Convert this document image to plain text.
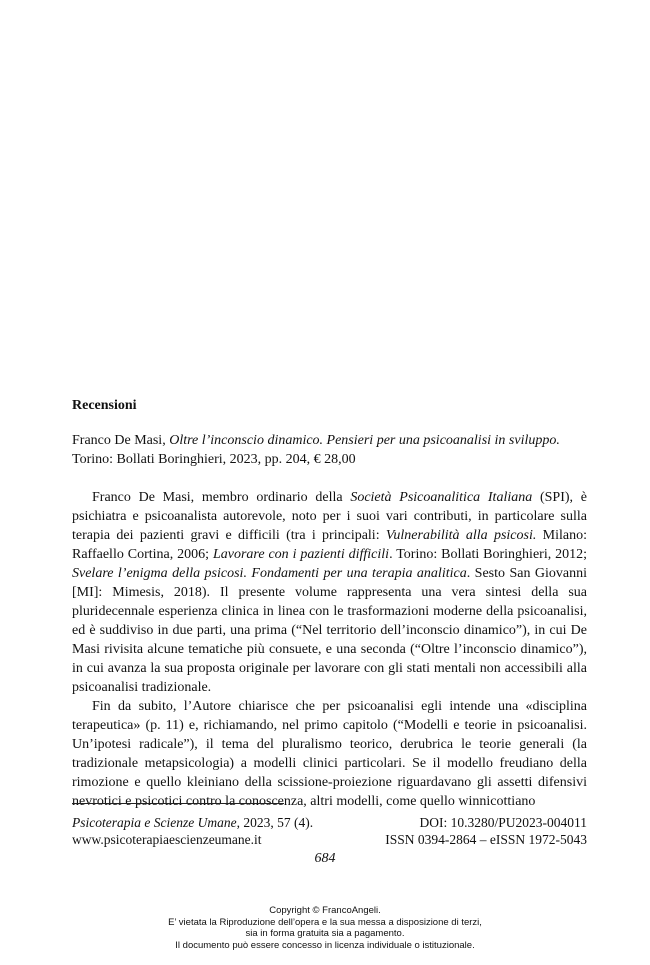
Recensioni

Franco De Masi, Oltre l’inconscio dinamico. Pensieri per una psicoanalisi in sviluppo.
Torino: Bollati Boringhieri, 2023, pp. 204, € 28,00

Franco De Masi, membro ordinario della Società Psicoanalitica Italiana (SPI), è psichiatra e psicoanalista autorevole, noto per i suoi vari contributi, in particolare sulla terapia dei pazienti gravi e difficili (tra i principali: Vulnerabilità alla psicosi. Milano: Raffaello Cortina, 2006; Lavorare con i pazienti difficili. Torino: Bollati Boringhieri, 2012; Svelare l’enigma della psicosi. Fondamenti per una terapia analitica. Sesto San Giovanni [MI]: Mimesis, 2018). Il presente volume rappresenta una vera sintesi della sua pluridecennale esperienza clinica in linea con le trasformazioni moderne della psicoanalisi, ed è suddiviso in due parti, una prima (“Nel territorio dell’inconscio dinamico”), in cui De Masi rivisita alcune tematiche più consuete, e una seconda (“Oltre l’inconscio dinamico”), in cui avanza la sua proposta originale per lavorare con gli stati mentali non accessibili alla psicoanalisi tradizionale.

Fin da subito, l’Autore chiarisce che per psicoanalisi egli intende una «disciplina terapeutica» (p. 11) e, richiamando, nel primo capitolo (“Modelli e teorie in psicoanalisi. Un’ipotesi radicale”), il tema del pluralismo teorico, derubrica le teorie generali (la tradizionale metapsicologia) a modelli clinici particolari. Se il modello freudiano della rimozione e quello kleiniano della scissione-proiezione riguardavano gli assetti difensivi nevrotici e psicotici contro la conoscenza, altri modelli, come quello winnicottiano

Psicoterapia e Scienze Umane, 2023, 57 (4).	DOI: 10.3280/PU2023-004011
www.psicoterapiaescienzeumane.it	ISSN 0394-2864 – eISSN 1972-5043
684
Copyright © FrancoAngeli.
E’ vietata la Riproduzione dell’opera e la sua messa a disposizione di terzi,
sia in forma gratuita sia a pagamento.
Il documento può essere concesso in licenza individuale o istituzionale.
